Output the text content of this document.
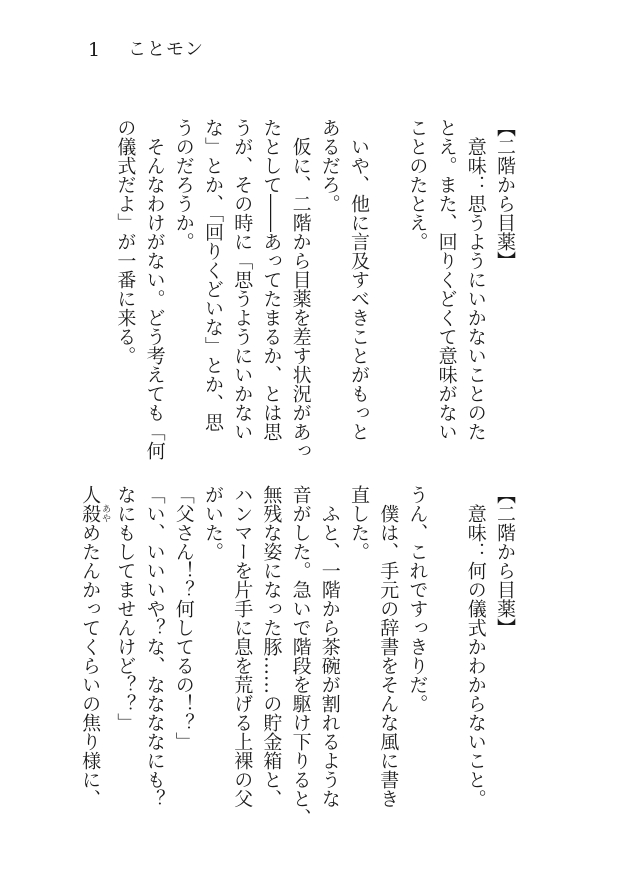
1 ことモン
【二階から目薬】
意味：思うようにいかないことのた
とえ。また、回りくどくて意味がない
ことのたとえ。
いや、他に言及すべきことがもっと
あるだろ。
仮に、二階から目薬を差す状況があっ
たとして――あってたまるか、とは思
うが、その時に「思うようにいかない
な」とか、「回りくどいな」とか、思
うのだろうか。
そんなわけがない。どう考えても「何
の儀式だよ」が一番に来る。
【二階から目薬】
意味：何の儀式かわからないこと。
うん、これですっきりだ。
僕は、手元の辞書をそんな風に書き
直した。
ふと、一階から茶碗が割れるような
音がした。急いで階段を駆け下りると、
無残な姿になった豚……の貯金箱と、
ハンマーを片手に息を荒げる上裸の父
がいた。
「父さん！？何してるの！？」
「い、いいいや？な、ななななにも？
なにもしてませんけど？？」
人殺 あやめたんかってくらいの焦り様に、
